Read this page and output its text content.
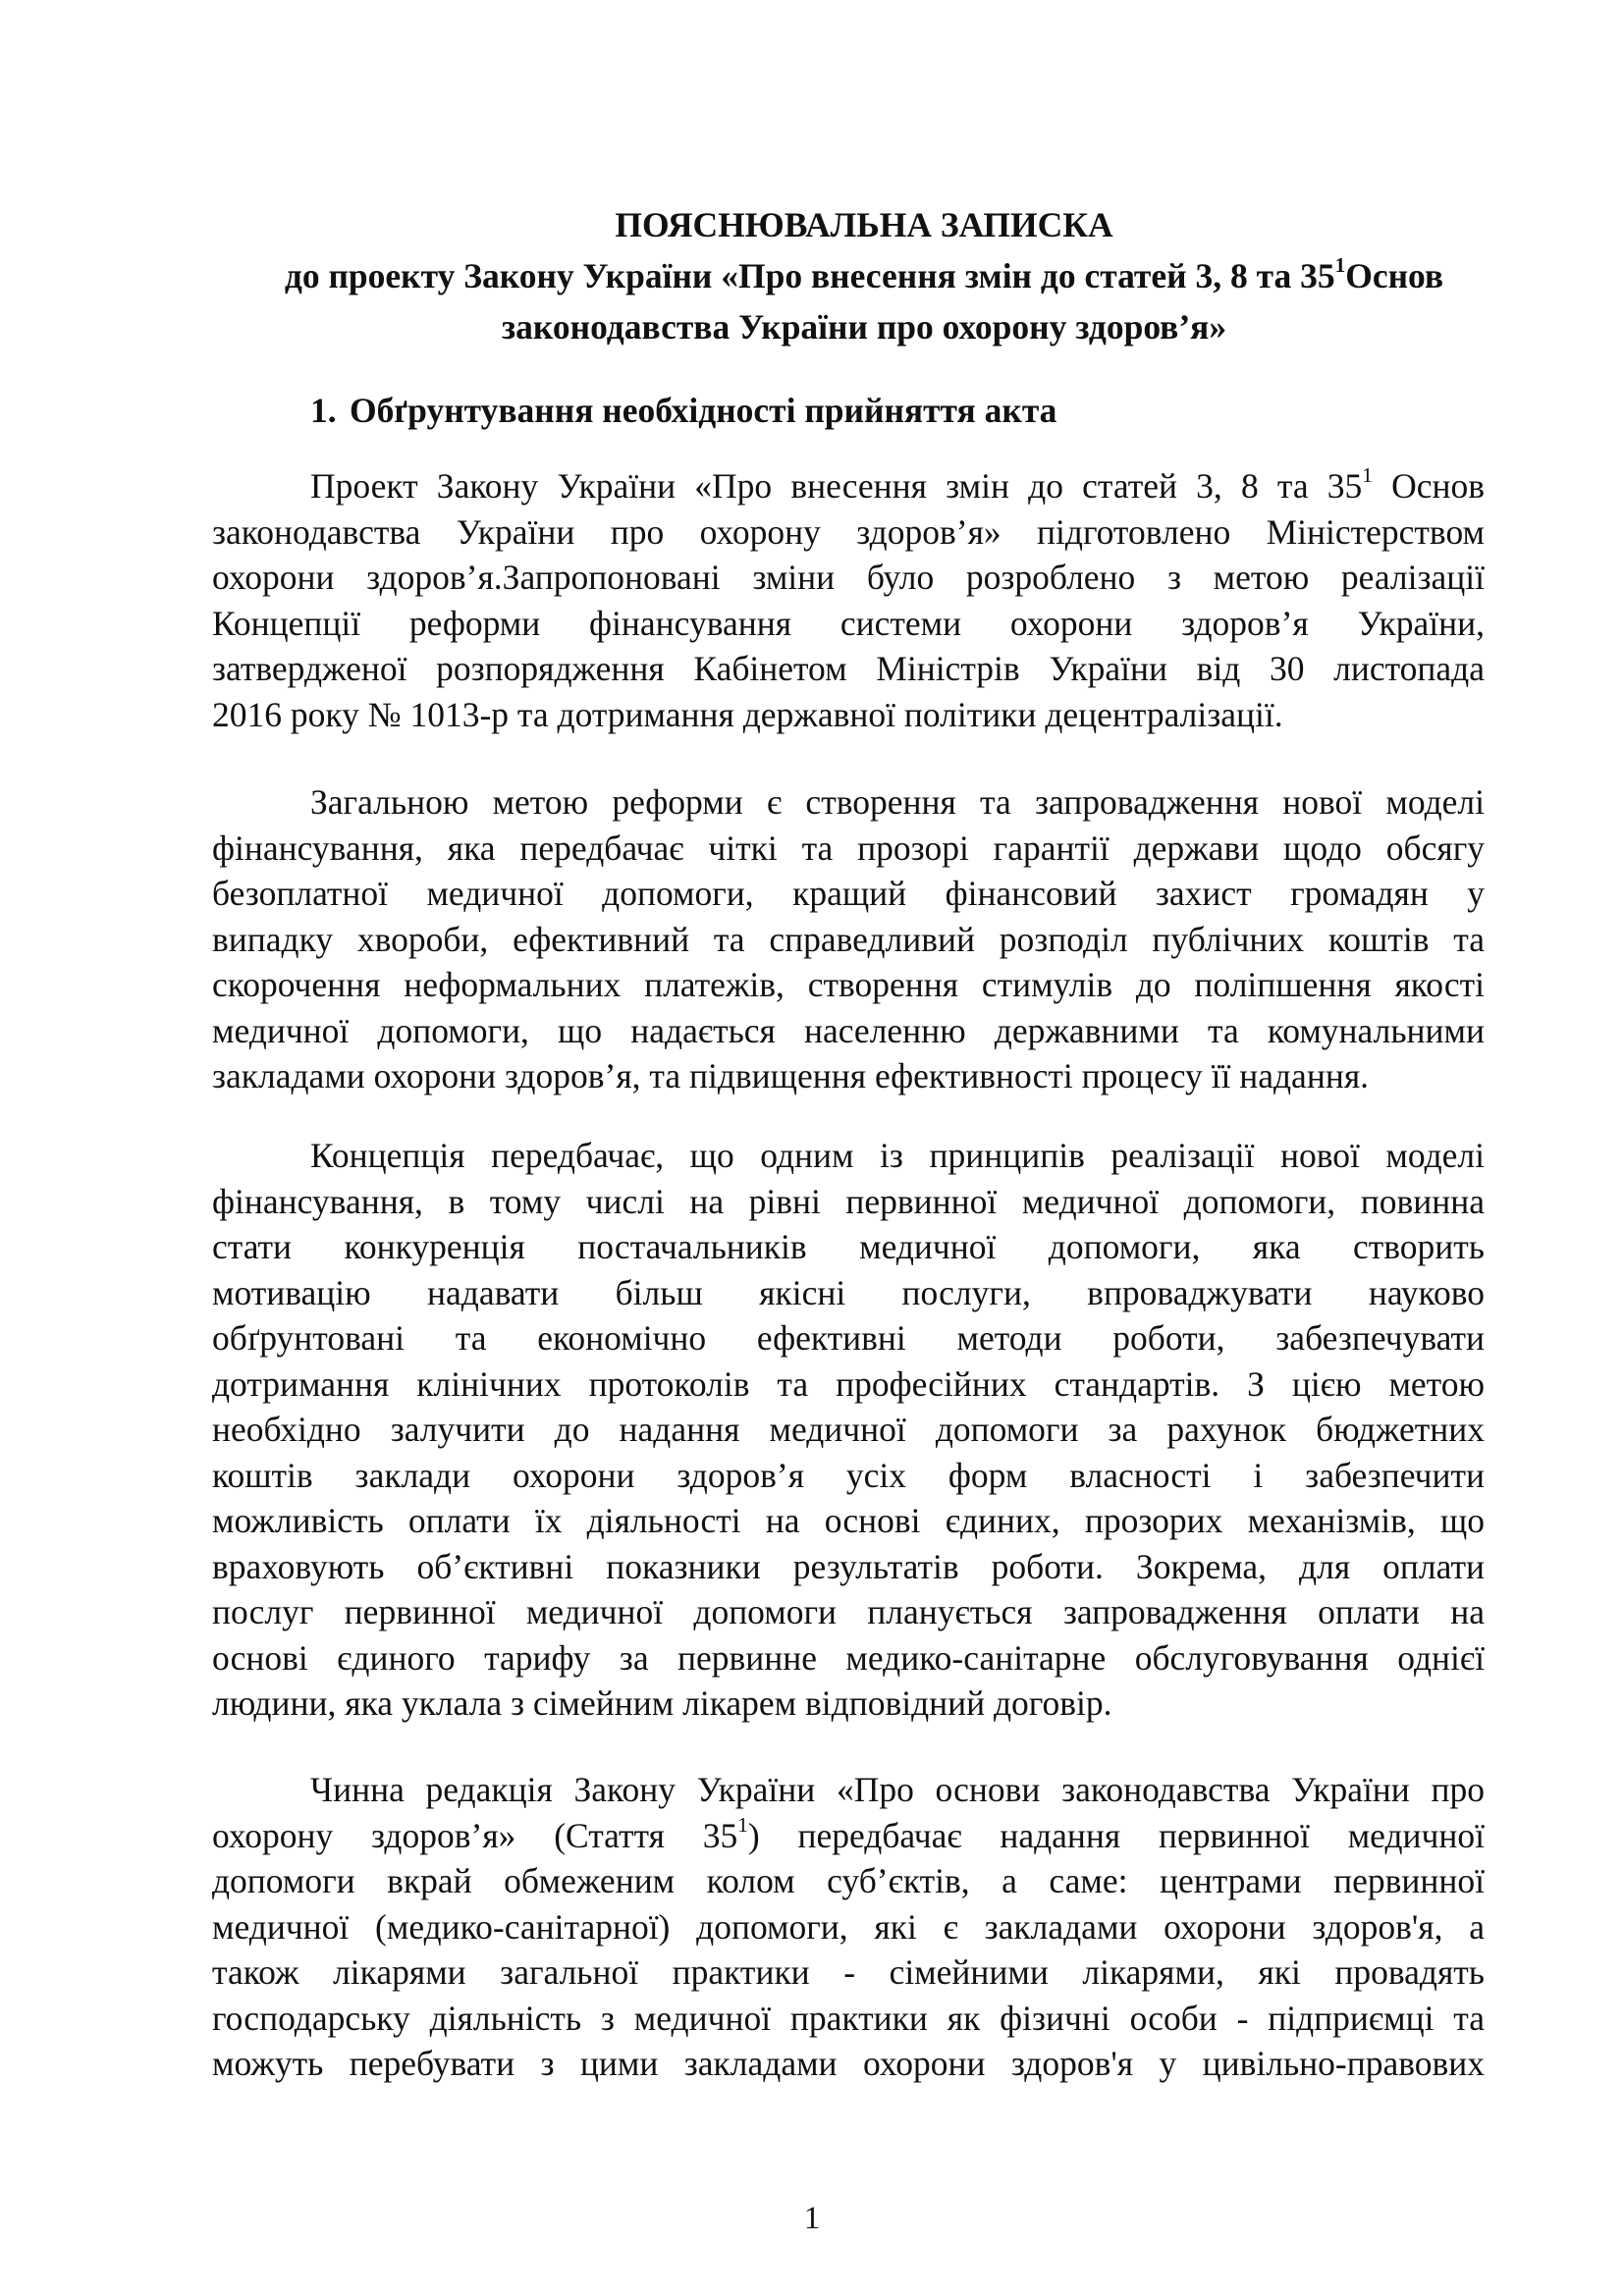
ПОЯСНЮВАЛЬНА ЗАПИСКА
до проекту Закону України «Про внесення змін до статей 3, 8 та $35^1Основ$
законодавства України про охорону здоров’я»
1. Обґрунтування необхідності прийняття акта
Проект Закону України «Про внесення змін до статей 3, 8 та $35^1$ Основ
законодавства України про охорону здоров’я» підготовлено Міністерством
охорони здоров’я.Запропоновані зміни було розроблено з метою реалізації
Концепції реформи фінансування системи охорони здоров’я України,
затвердженої розпорядження Кабінетом Міністрів України від 30 листопада
2016 року № 1013-р та дотримання державної політики децентралізації.
Загальною метою реформи є створення та запровадження нової моделі
фінансування, яка передбачає чіткі та прозорі гарантії держави щодо обсягу
безоплатної медичної допомоги, кращий фінансовий захист громадян у
випадку хвороби, ефективний та справедливий розподіл публічних коштів та
скорочення неформальних платежів, створення стимулів до поліпшення якості
медичної допомоги, що надається населенню державними та комунальними
закладами охорони здоров’я, та підвищення ефективності процесу її надання.
Концепція передбачає, що одним із принципів реалізації нової моделі
фінансування, в тому числі на рівні первинної медичної допомоги, повинна
стати конкуренція постачальників медичної допомоги, яка створить
мотивацію надавати більш якісні послуги, впроваджувати науково
обґрунтовані та економічно ефективні методи роботи, забезпечувати
дотримання клінічних протоколів та професійних стандартів. З цією метою
необхідно залучити до надання медичної допомоги за рахунок бюджетних
коштів заклади охорони здоров’я усіх форм власності і забезпечити
можливість оплати їх діяльності на основі єдиних, прозорих механізмів, що
враховують об’єктивні показники результатів роботи. Зокрема, для оплати
послуг первинної медичної допомоги планується запровадження оплати на
основі єдиного тарифу за первинне медико-санітарне обслуговування однієї
людини, яка уклала з сімейним лікарем відповідний договір.
Чинна редакція Закону України «Про основи законодавства України про
охорону здоров’я» (Стаття $35^1$) передбачає надання первинної медичної
допомоги вкрай обмеженим колом суб’єктів, а саме: центрами первинної
медичної (медико-санітарної) допомоги, які є закладами охорони здоров'я, а
також лікарями загальної практики - сімейними лікарями, які провадять
господарську діяльність з медичної практики як фізичні особи - підприємці та
можуть перебувати з цими закладами охорони здоров'я у цивільно-правових
1
